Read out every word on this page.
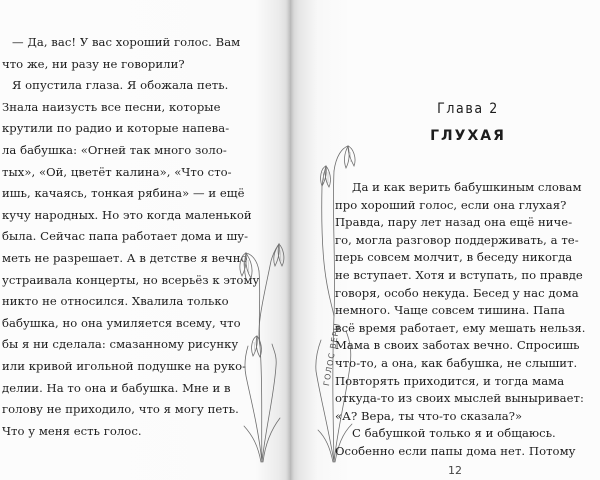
— Да, вас! У вас хороший голос. Вам
что же, ни разу не говорили?
Я опустила глаза. Я обожала петь.
Знала наизусть все песни, которые
крутили по радио и которые напева-
ла бабушка: «Огней так много золо-
тых», «Ой, цветёт калина», «Что сто-
ишь, качаясь, тонкая рябина» — и ещё
кучу народных. Но это когда маленькой
была. Сейчас папа работает дома и шу-
меть не разрешает. А в детстве я вечно
устраивала концерты, но всерьёз к этому
никто не относился. Хвалила только
бабушка, но она умиляется всему, что
бы я ни сделала: смазанному рисунку
или кривой игольной подушке на руко-
делии. На то она и бабушка. Мне и в
голову не приходило, что я могу петь.
Что у меня есть голос.
ГОЛОС ВЕРЫ
Глава 2
ГЛУХАЯ
Да и как верить бабушкиным словам
про хороший голос, если она глухая?
Правда, пару лет назад она ещё ниче-
го, могла разговор поддерживать, а те-
перь совсем молчит, в беседу никогда
не вступает. Хотя и вступать, по правде
говоря, особо некуда. Бесед у нас дома
немного. Чаще совсем тишина. Папа
всё время работает, ему мешать нельзя.
Мама в своих заботах вечно. Спросишь
что-то, а она, как бабушка, не слышит.
Повторять приходится, и тогда мама
откуда-то из своих мыслей выныривает:
«А? Вера, ты что-то сказала?»
С бабушкой только я и общаюсь.
Особенно если папы дома нет. Потому
12
